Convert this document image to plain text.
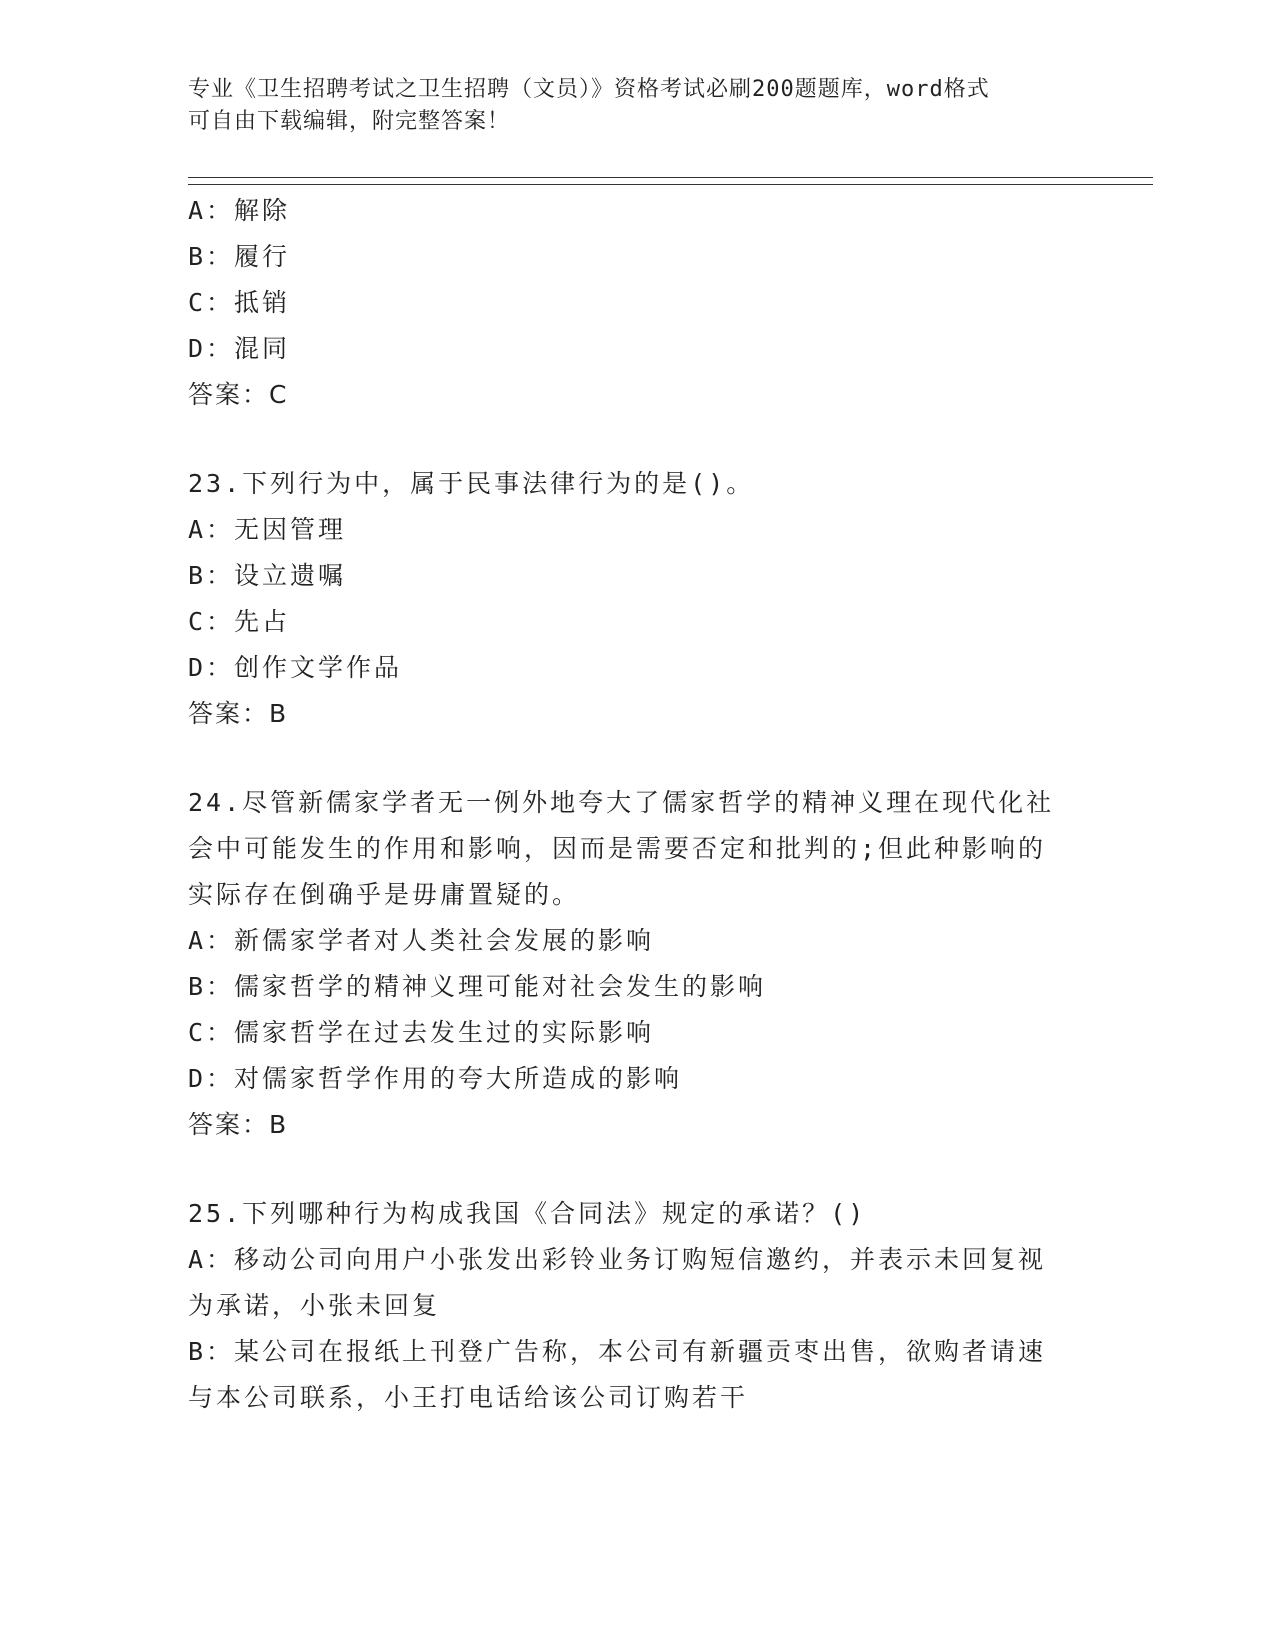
专业《卫生招聘考试之卫生招聘（文员）》资格考试必刷200题题库，word格式
可自由下载编辑，附完整答案！
A：解除
B：履行
C：抵销
D：混同
答案：C
23.下列行为中，属于民事法律行为的是()。
A：无因管理
B：设立遗嘱
C：先占
D：创作文学作品
答案：B
24.尽管新儒家学者无一例外地夸大了儒家哲学的精神义理在现代化社
会中可能发生的作用和影响，因而是需要否定和批判的;但此种影响的
实际存在倒确乎是毋庸置疑的。
A：新儒家学者对人类社会发展的影响
B：儒家哲学的精神义理可能对社会发生的影响
C：儒家哲学在过去发生过的实际影响
D：对儒家哲学作用的夸大所造成的影响
答案：B
25.下列哪种行为构成我国《合同法》规定的承诺？()
A：移动公司向用户小张发出彩铃业务订购短信邀约，并表示未回复视
为承诺，小张未回复
B：某公司在报纸上刊登广告称，本公司有新疆贡枣出售，欲购者请速
与本公司联系，小王打电话给该公司订购若干
